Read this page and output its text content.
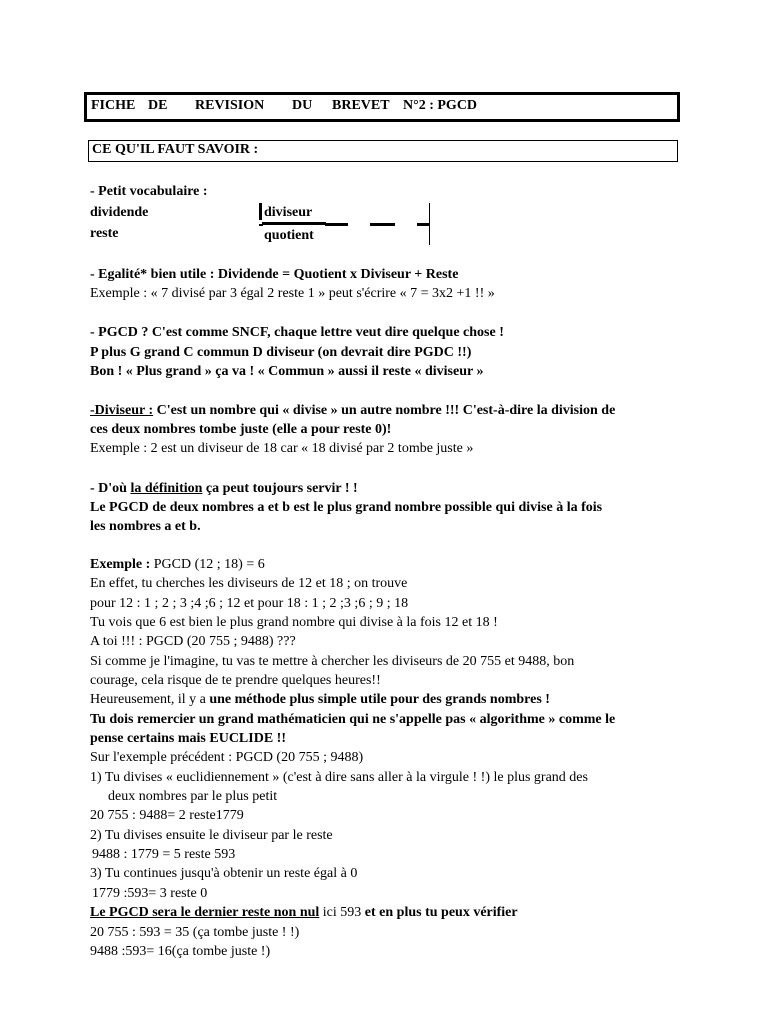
FICHE DE REVISION DU BREVET N°2 : PGCD
CE QU'IL FAUT SAVOIR :
- Petit vocabulaire :
dividende
reste
diviseur
quotient
- Egalité* bien utile : Dividende = Quotient x Diviseur + Reste
Exemple : « 7 divisé par 3 égal 2 reste 1 » peut s'écrire « 7 = 3x2 +1 !! »
- PGCD ? C'est comme SNCF, chaque lettre veut dire quelque chose !
P plus G grand C commun D diviseur (on devrait dire PGDC !!)
Bon ! « Plus grand » ça va ! « Commun » aussi il reste « diviseur »
-Diviseur : C'est un nombre qui « divise » un autre nombre !!! C'est-à-dire la division de
ces deux nombres tombe juste (elle a pour reste 0)!
Exemple : 2 est un diviseur de 18 car « 18 divisé par 2 tombe juste »
- D'où la définition ça peut toujours servir ! !
Le PGCD de deux nombres a et b est le plus grand nombre possible qui divise à la fois
les nombres a et b.
Exemple : PGCD (12 ; 18) = 6
En effet, tu cherches les diviseurs de 12 et 18 ; on trouve
pour 12 : 1 ; 2 ; 3 ;4 ;6 ; 12 et pour 18 : 1 ; 2 ;3 ;6 ; 9 ; 18
Tu vois que 6 est bien le plus grand nombre qui divise à la fois 12 et 18 !
A toi !!! : PGCD (20 755 ; 9488) ???
Si comme je l'imagine, tu vas te mettre à chercher les diviseurs de 20 755 et 9488, bon
courage, cela risque de te prendre quelques heures!!
Heureusement, il y a une méthode plus simple utile pour des grands nombres !
Tu dois remercier un grand mathématicien qui ne s'appelle pas « algorithme » comme le
pense certains mais EUCLIDE !!
Sur l'exemple précédent : PGCD (20 755 ; 9488)
1) Tu divises « euclidiennement » (c'est à dire sans aller à la virgule ! !) le plus grand des
deux nombres par le plus petit
20 755 : 9488= 2 reste1779
2) Tu divises ensuite le diviseur par le reste
9488 : 1779 = 5 reste 593
3) Tu continues jusqu'à obtenir un reste égal à 0
1779 :593= 3 reste 0
Le PGCD sera le dernier reste non nul ici 593 et en plus tu peux vérifier
20 755 : 593 = 35 (ça tombe juste ! !)
9488 :593= 16(ça tombe juste !)
